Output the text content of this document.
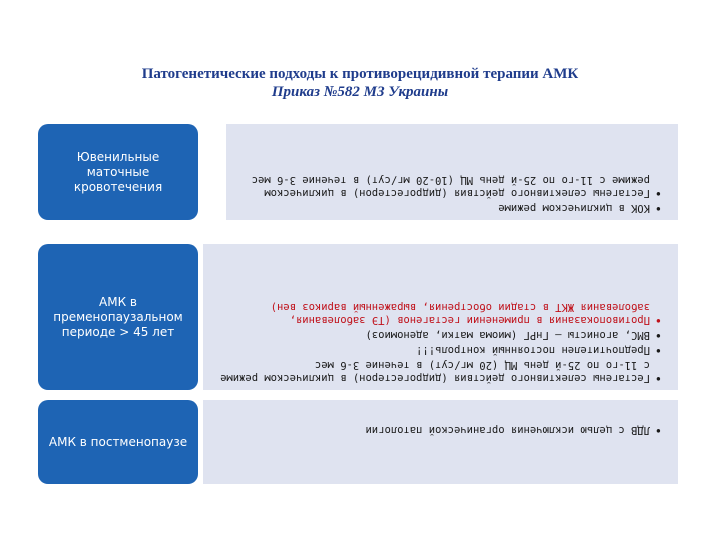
Патогенетические подходы к противорецидивной терапии АМК
Приказ №582 МЗ Украины
• КОК в циклическом режиме
• Гестагены селективного действия (дидрогестерон) в циклическом режиме с 11-го по 25-й день МЦ (10-20 мг/сут) в течение 3-6 мес
Ювенильные маточные кровотечения
• Гестагены селективного действия (дидрогестерон) в циклическом режиме с 11-го по 25-й день МЦ (20 мг/сут) в течение 3-6 мес
• Предпочтителен постоянный контроль!!!
• ВМС, агонисты – ГнРГ (миома матки, аденомиоз)
• Противопоказания в применении гестагенов (ТЭ заболевания, заболевания ЖКТ в стадии обострения, выраженный варикоз вен)
АМК в пременопаузальном периоде > 45 лет
• ЛДВ с целью исключения органической патологии
АМК в постменопаузе
